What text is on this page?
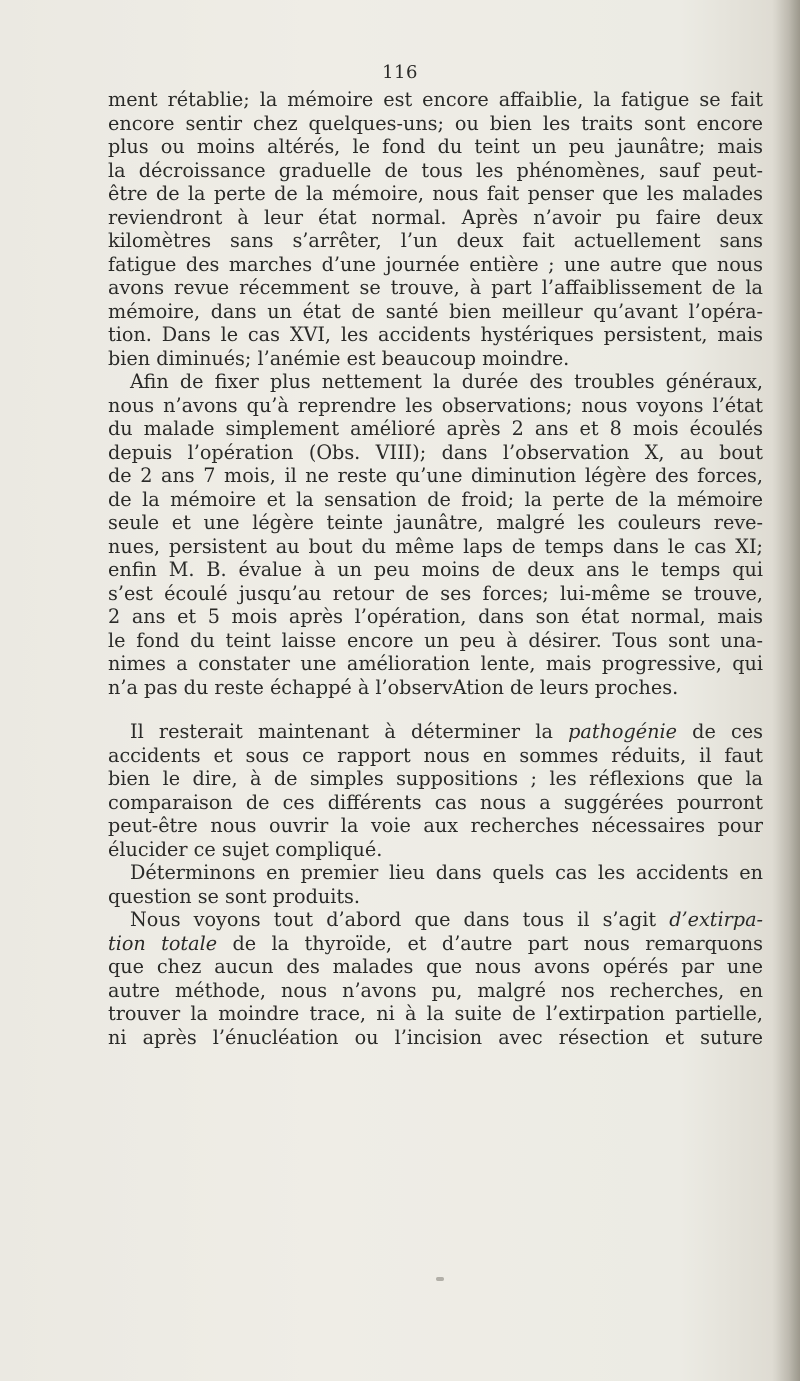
116
ment rétablie; la mémoire est encore affaiblie, la fatigue se fait
encore sentir chez quelques-uns; ou bien les traits sont encore
plus ou moins altérés, le fond du teint un peu jaunâtre; mais
la décroissance graduelle de tous les phénomènes, sauf peut-
être de la perte de la mémoire, nous fait penser que les malades
reviendront à leur état normal. Après n’avoir pu faire deux
kilomètres sans s’arrêter, l’un deux fait actuellement sans
fatigue des marches d’une journée entière ; une autre que nous
avons revue récemment se trouve, à part l’affaiblissement de la
mémoire, dans un état de santé bien meilleur qu’avant l’opéra-
tion. Dans le cas XVI, les accidents hystériques persistent, mais
bien diminués; l’anémie est beaucoup moindre.
Afin de fixer plus nettement la durée des troubles généraux,
nous n’avons qu’à reprendre les observations; nous voyons l’état
du malade simplement amélioré après 2 ans et 8 mois écoulés
depuis l’opération (Obs. VIII); dans l’observation X, au bout
de 2 ans 7 mois, il ne reste qu’une diminution légère des forces,
de la mémoire et la sensation de froid; la perte de la mémoire
seule et une légère teinte jaunâtre, malgré les couleurs reve-
nues, persistent au bout du même laps de temps dans le cas XI;
enfin M. B. évalue à un peu moins de deux ans le temps qui
s’est écoulé jusqu’au retour de ses forces; lui-même se trouve,
2 ans et 5 mois après l’opération, dans son état normal, mais
le fond du teint laisse encore un peu à désirer. Tous sont una-
nimes a constater une amélioration lente, mais progressive, qui
n’a pas du reste échappé à l’observAtion de leurs proches.
Il resterait maintenant à déterminer la pathogénie de ces
accidents et sous ce rapport nous en sommes réduits, il faut
bien le dire, à de simples suppositions ; les réflexions que la
comparaison de ces différents cas nous a suggérées pourront
peut-être nous ouvrir la voie aux recherches nécessaires pour
élucider ce sujet compliqué.
Déterminons en premier lieu dans quels cas les accidents en
question se sont produits.
Nous voyons tout d’abord que dans tous il s’agit d’extirpa-
tion totale de la thyroïde, et d’autre part nous remarquons
que chez aucun des malades que nous avons opérés par une
autre méthode, nous n’avons pu, malgré nos recherches, en
trouver la moindre trace, ni à la suite de l’extirpation partielle,
ni après l’énucléation ou l’incision avec résection et suture
